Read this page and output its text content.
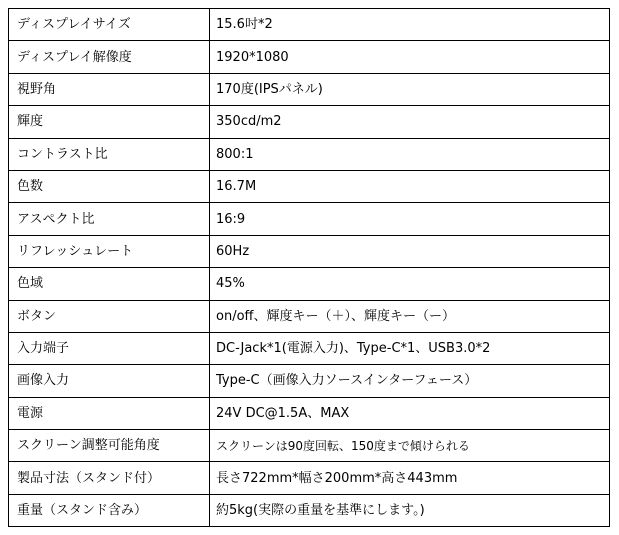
ディスプレイサイズ	15.6吋*2
ディスプレイ解像度	1920*1080
視野角	170度(IPSパネル)
輝度	350cd/m2
コントラスト比	800:1
色数	16.7M
アスペクト比	16:9
リフレッシュレート	60Hz
色域	45%
ボタン	on/off、輝度キー（＋）、輝度キー（ー）
入力端子	DC-Jack*1(電源入力)、Type-C*1、USB3.0*2
画像入力	Type-C（画像入力ソースインターフェース）
電源	24V DC@1.5A、MAX
スクリーン調整可能角度	スクリーンは90度回転、150度まで傾けられる
製品寸法（スタンド付）	長さ722mm*幅さ200mm*高さ443mm
重量（スタンド含み）	約5kg(実際の重量を基準にします。)
